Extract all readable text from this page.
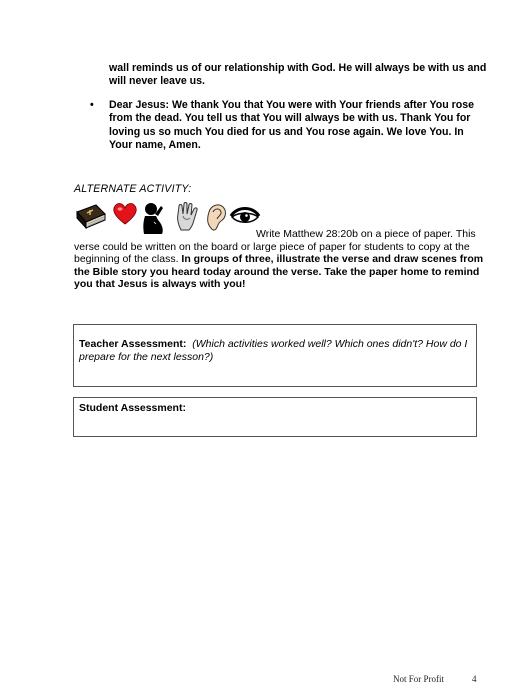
wall reminds us of our relationship with God. He will always be with us and will never leave us.
• Dear Jesus: We thank You that You were with Your friends after You rose from the dead. You tell us that You will always be with us. Thank You for loving us so much You died for us and You rose again. We love You. In Your name, Amen.
ALTERNATE ACTIVITY:
Write Matthew 28:20b on a piece of paper. This verse could be written on the board or large piece of paper for students to copy at the beginning of the class. In groups of three, illustrate the verse and draw scenes from the Bible story you heard today around the verse. Take the paper home to remind you that Jesus is always with you!
Teacher Assessment: (Which activities worked well? Which ones didn't? How do I prepare for the next lesson?)
Student Assessment:
Not For Profit	4
